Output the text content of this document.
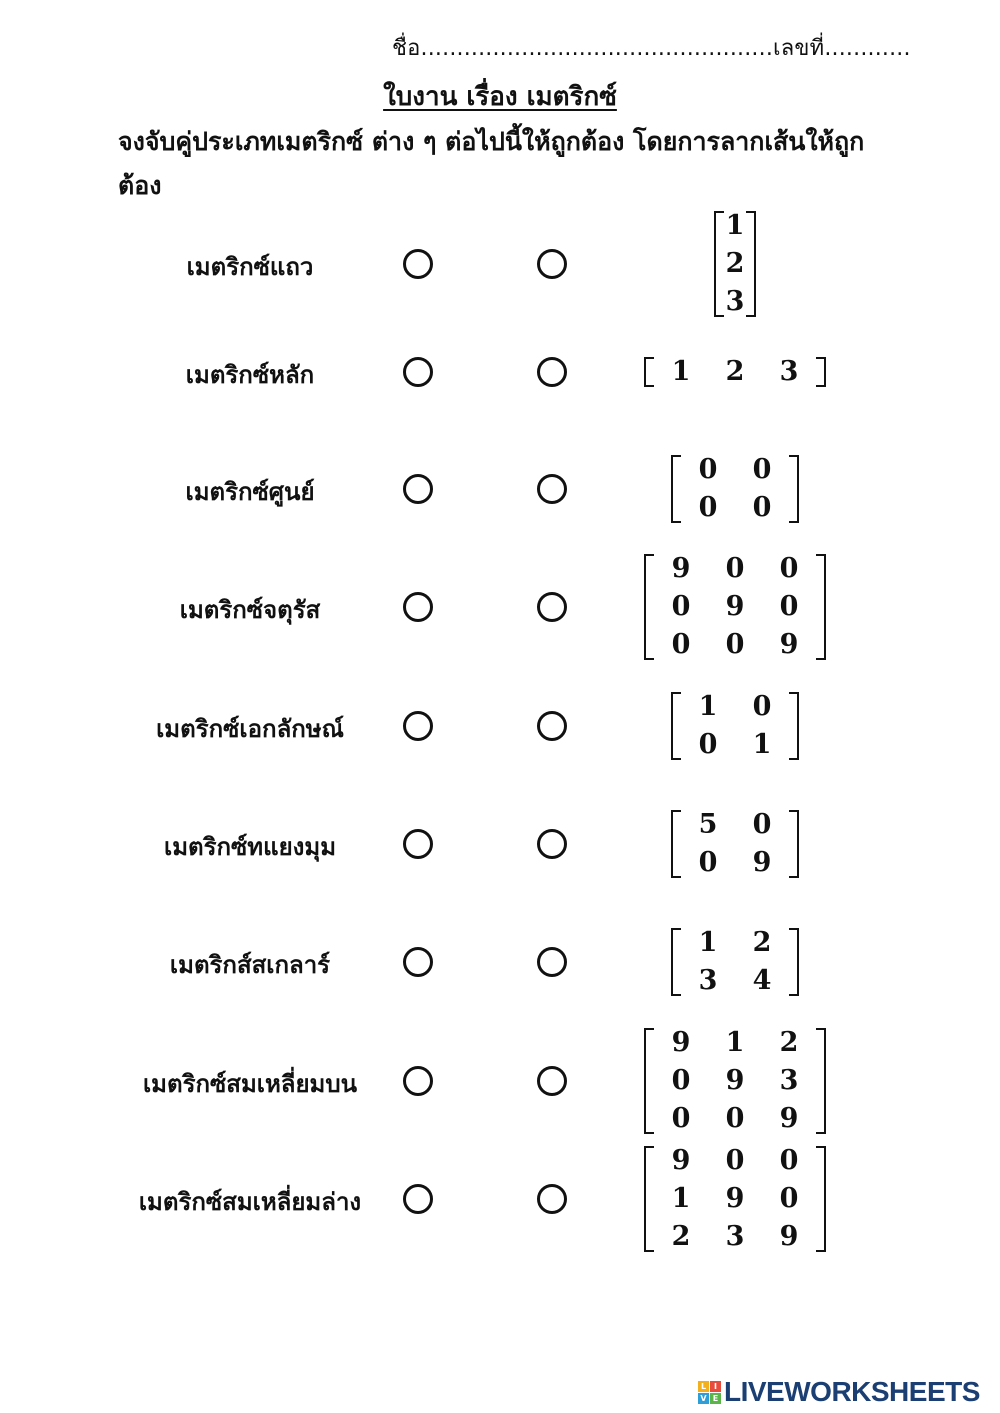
ชื่อ.................................................เลขที่............
ใบงาน เรื่อง เมตริกซ์
จงจับคู่ประเภทเมตริกซ์ ต่าง ๆ ต่อไปนี้ให้ถูกต้อง โดยการลากเส้นให้ถูกต้อง
เมตริกซ์แถว
เมตริกซ์หลัก
เมตริกซ์ศูนย์
เมตริกซ์จตุรัส
เมตริกซ์เอกลักษณ์
เมตริกซ์ทแยงมุม
เมตริกส์สเกลาร์
เมตริกซ์สมเหลี่ยมบน
เมตริกซ์สมเหลี่ยมล่าง
1
2
3
1	2	3
0	0
0	0
9	0	0
0	9	0
0	0	9
1	0
0	1
5	0
0	9
1	2
3	4
9	1	2
0	9	3
0	0	9
9	0	0
1	9	0
2	3	9
L I
V E LIVEWORKSHEETS
